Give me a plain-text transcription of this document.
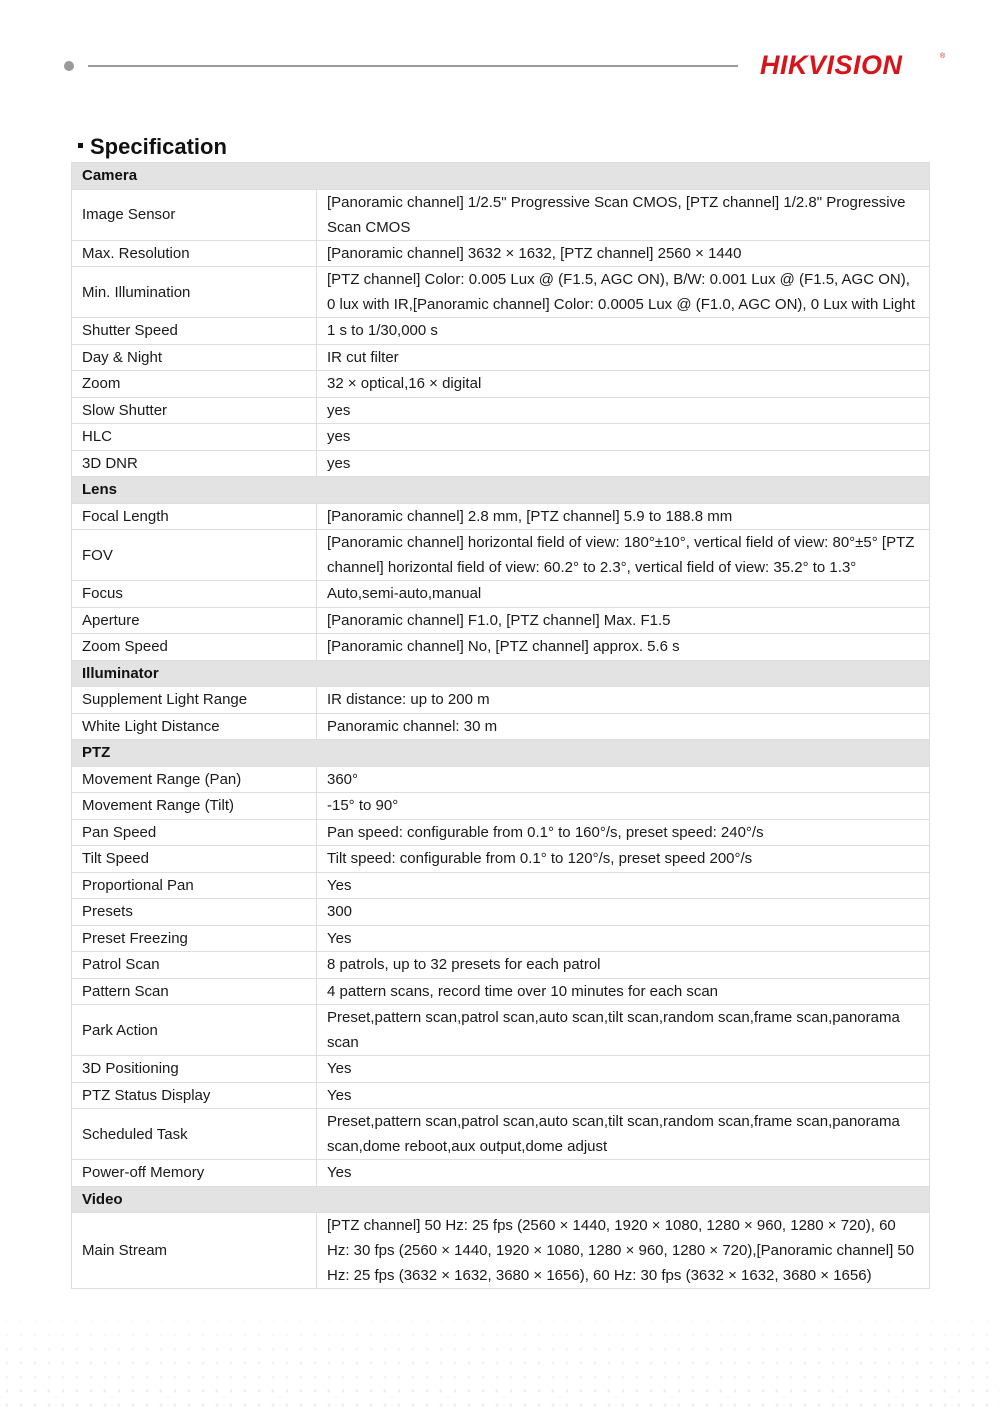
HIKVISION	®
Specification
Camera	
Image Sensor	[Panoramic channel] 1/2.5" Progressive Scan CMOS, [PTZ channel] 1/2.8" Progressive Scan CMOS
Max. Resolution	[Panoramic channel] 3632 × 1632, [PTZ channel] 2560 × 1440
Min. Illumination	[PTZ channel] Color: 0.005 Lux @ (F1.5, AGC ON), B/W: 0.001 Lux @ (F1.5, AGC ON), 0 lux with IR,[Panoramic channel] Color: 0.0005 Lux @ (F1.0, AGC ON), 0 Lux with Light
Shutter Speed	1 s to 1/30,000 s
Day & Night	IR cut filter
Zoom	32 × optical,16 × digital
Slow Shutter	yes
HLC	yes
3D DNR	yes
Lens	
Focal Length	[Panoramic channel] 2.8 mm, [PTZ channel] 5.9 to 188.8 mm
FOV	[Panoramic channel] horizontal field of view: 180°±10°, vertical field of view: 80°±5° [PTZ channel] horizontal field of view: 60.2° to 2.3°, vertical field of view: 35.2° to 1.3°
Focus	Auto,semi-auto,manual
Aperture	[Panoramic channel] F1.0, [PTZ channel] Max. F1.5
Zoom Speed	[Panoramic channel] No, [PTZ channel] approx. 5.6 s
Illuminator	
Supplement Light Range	IR distance: up to 200 m
White Light Distance	Panoramic channel: 30 m
PTZ	
Movement Range (Pan)	360°
Movement Range (Tilt)	-15° to 90°
Pan Speed	Pan speed: configurable from 0.1° to 160°/s, preset speed: 240°/s
Tilt Speed	Tilt speed: configurable from 0.1° to 120°/s, preset speed 200°/s
Proportional Pan	Yes
Presets	300
Preset Freezing	Yes
Patrol Scan	8 patrols, up to 32 presets for each patrol
Pattern Scan	4 pattern scans, record time over 10 minutes for each scan
Park Action	Preset,pattern scan,patrol scan,auto scan,tilt scan,random scan,frame scan,panorama scan
3D Positioning	Yes
PTZ Status Display	Yes
Scheduled Task	Preset,pattern scan,patrol scan,auto scan,tilt scan,random scan,frame scan,panorama scan,dome reboot,aux output,dome adjust
Power-off Memory	Yes
Video	
Main Stream	[PTZ channel] 50 Hz: 25 fps (2560 × 1440, 1920 × 1080, 1280 × 960, 1280 × 720), 60 Hz: 30 fps (2560 × 1440, 1920 × 1080, 1280 × 960, 1280 × 720),[Panoramic channel] 50 Hz: 25 fps (3632 × 1632, 3680 × 1656), 60 Hz: 30 fps (3632 × 1632, 3680 × 1656)
